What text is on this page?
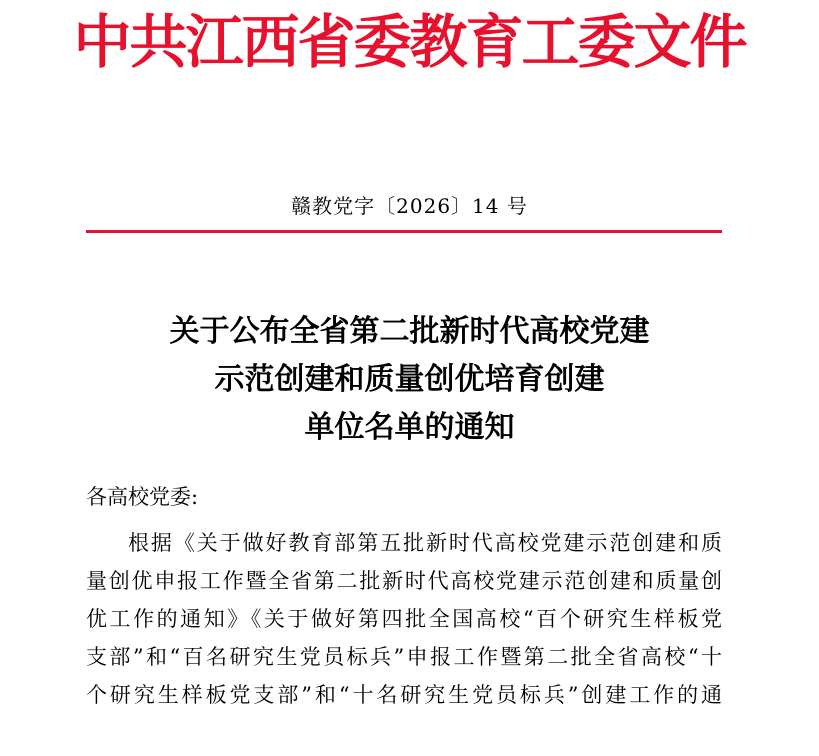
中共江西省委教育工委文件
赣教党字〔2026〕14 号
关于公布全省第二批新时代高校党建
示范创建和质量创优培育创建
单位名单的通知
各高校党委:
根据《关于做好教育部第五批新时代高校党建示范创建和质
量创优申报工作暨全省第二批新时代高校党建示范创建和质量创
优工作的通知》《关于做好第四批全国高校“百个研究生样板党
支部”和“百名研究生党员标兵”申报工作暨第二批全省高校“十
个研究生样板党支部”和“十名研究生党员标兵”创建工作的通
